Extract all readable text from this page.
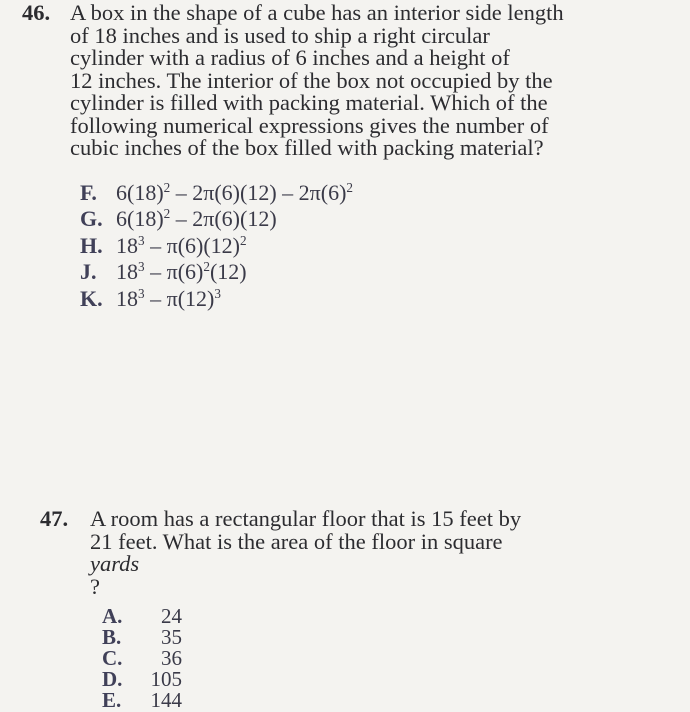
46. A box in the shape of a cube has an interior side length
of 18 inches and is used to ship a right circular
cylinder with a radius of 6 inches and a height of
12 inches. The interior of the box not occupied by the
cylinder is filled with packing material. Which of the
following numerical expressions gives the number of
cubic inches of the box filled with packing material?
F. $6(18)^2 - 2\pi(6)(12) - 2\pi(6)^2$
G. $6(18)^2 - 2\pi(6)(12)$
H. $18^3 - \pi(6)(12)^2$
J. $18^3 - \pi(6)^2(12)$
K. $18^3 - \pi(12)^3$
47. A room has a rectangular floor that is 15 feet by
21 feet. What is the area of the floor in square
yards
?
A.	24
B.	35
C.	36
D.	105
E.	144
